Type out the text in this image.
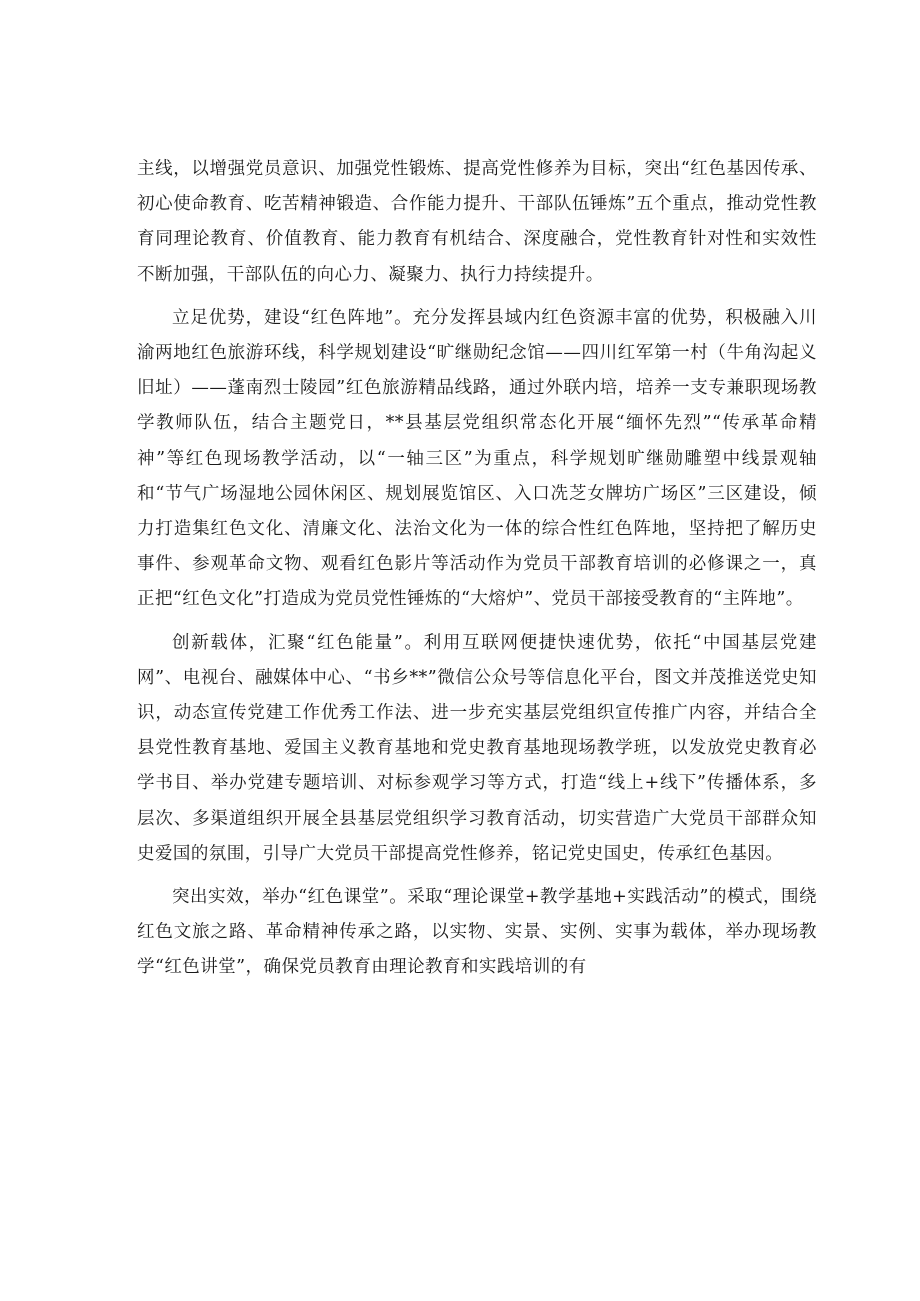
主线，以增强党员意识、加强党性锻炼、提高党性修养为目标，突出“红色基因传承、初心使命教育、吃苦精神锻造、合作能力提升、干部队伍锤炼”五个重点，推动党性教育同理论教育、价值教育、能力教育有机结合、深度融合，党性教育针对性和实效性不断加强，干部队伍的向心力、凝聚力、执行力持续提升。

立足优势，建设“红色阵地”。充分发挥县域内红色资源丰富的优势，积极融入川渝两地红色旅游环线，科学规划建设“旷继勋纪念馆——四川红军第一村（牛角沟起义旧址）——蓬南烈士陵园”红色旅游精品线路，通过外联内培，培养一支专兼职现场教学教师队伍，结合主题党日，**县基层党组织常态化开展“缅怀先烈”“传承革命精神”等红色现场教学活动，以“一轴三区”为重点，科学规划旷继勋雕塑中线景观轴和“节气广场湿地公园休闲区、规划展览馆区、入口冼芝女牌坊广场区”三区建设，倾力打造集红色文化、清廉文化、法治文化为一体的综合性红色阵地，坚持把了解历史事件、参观革命文物、观看红色影片等活动作为党员干部教育培训的必修课之一，真正把“红色文化”打造成为党员党性锤炼的“大熔炉”、党员干部接受教育的“主阵地”。

创新载体，汇聚“红色能量”。利用互联网便捷快速优势，依托“中国基层党建网”、电视台、融媒体中心、“书乡**”微信公众号等信息化平台，图文并茂推送党史知识，动态宣传党建工作优秀工作法、进一步充实基层党组织宣传推广内容，并结合全县党性教育基地、爱国主义教育基地和党史教育基地现场教学班，以发放党史教育必学书目、举办党建专题培训、对标参观学习等方式，打造“线上+线下”传播体系，多层次、多渠道组织开展全县基层党组织学习教育活动，切实营造广大党员干部群众知史爱国的氛围，引导广大党员干部提高党性修养，铭记党史国史，传承红色基因。

突出实效，举办“红色课堂”。采取“理论课堂+教学基地+实践活动”的模式，围绕红色文旅之路、革命精神传承之路，以实物、实景、实例、实事为载体，举办现场教学“红色讲堂”，确保党员教育由理论教育和实践培训的有
